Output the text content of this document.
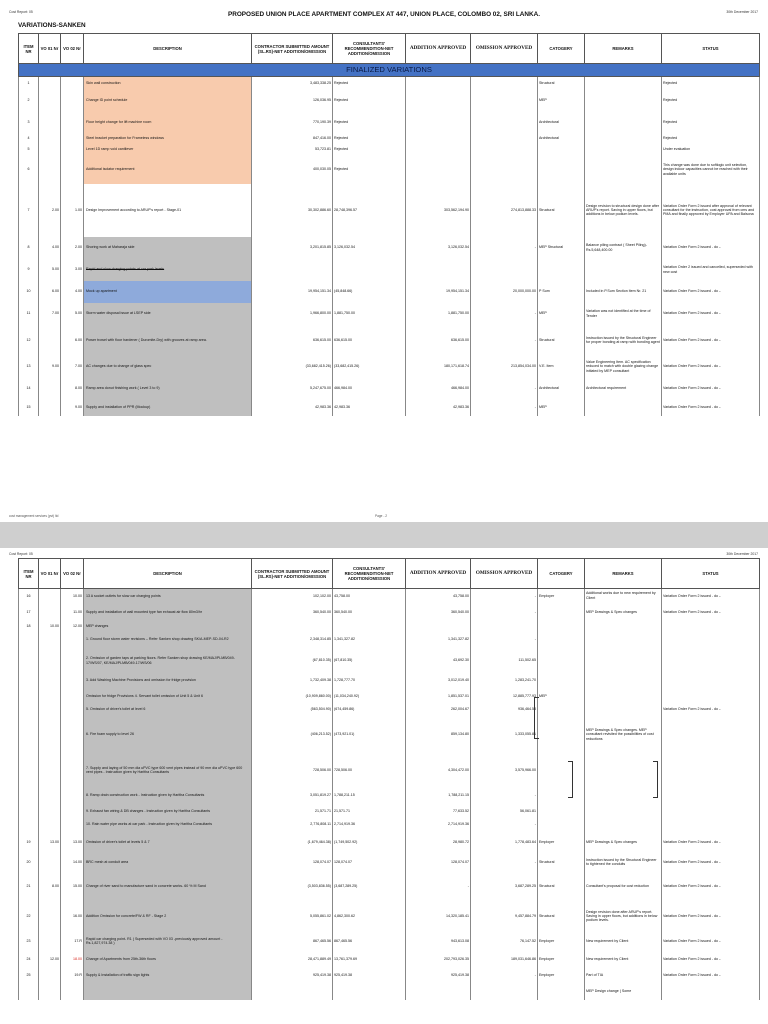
Cost Report: 05	30th December 2017
PROPOSED UNION PLACE APARTMENT COMPLEX AT 447, UNION PLACE, COLOMBO 02, SRI LANKA.
VARIATIONS-SANKEN
ITEM NR	VO 01 Nr	VO 02 Nr	DESCRIPTION	CONTRACTOR SUBMITTED AMOUNT (SL.RS)-NET ADDITION/OMISSION	CONSULTANTS' RECOMMENDITION-NET ADDITION/OMISSION	ADDITION APPROVED	OMISSION APPROVED	CATOGERY	REMARKS	STATUS
FINALIZED VARIATIONS										
1			Skin wall construction	3,483,338.25	Rejected			Structural		Rejected
2			Change ID point schedule	126,036.95	Rejected			MEP		Rejected
3			Floor height change for lift machine room	770,190.39	Rejected			Architectural		Rejected
4			Steel bracket preparation for Frameless windows	847,416.00	Rejected			Architectural		Rejected
5			Level 1D ramp void cantilever	53,723.81	Rejected					Under evaluation
6			Additional isolator requirement	400,030.05	Rejected					This change was done due to softlogic unit selection, design indoor capacities cannot be reached with their available units
7	2.00	1.00	Design Improvement according to ARUP's report - Stage-01	30,302,886.60	28,748,396.57	303,562,194.90	274,813,888.33	Structural	Design revision to structural design done after ARUP's report. Saving in upper floors, but additions in below podium levels.	Variation Order Form 2 issued after approval of relevant consultant for the instruction, cost approval from cms and PMA and finally approved by Employer UPA and Balsona
8	4.00	2.00	Shoring work at Maharaja side	3,201,815.85	3,126,032.54	3,126,032.54	-	MEP Structural	Balance piling contract ( Sheet Piling)-Rs.5,648,400.00	Variation Order Form 2 issued - do -.
9	5.00	3.00	Rapid and slow charging points at car park levels							Variation Order 2 issued and cancelled, superseded with new cost
10	6.00	4.00	Mock up apartment	19,954,151.34	(45,848.66)	19,954,151.34	20,000,000.00	P Sum	Included in P.Sum Section Item Nr. 21	Variation Order Form 2 issued - do -.
11	7.00	5.00	Storm water disposal issue at LSEP side	1,966,800.00	1,881,750.00	1,881,750.00	-	MEP	Variation was not identified at the time of Tender	Variation Order Form 2 issued - do -.
12		6.00	Power trowel with floor hardener ( Duromite-Dry) with grooves at ramp area.	636,615.00	636,615.00	636,615.00	-	Structural	Instruction issued by the Structural Engineer for proper bonding at ramp with bonding agent	Variation Order Form 2 issued - do -.
13	9.00	7.00	AC changes due to change of glass spec	(33,682,415.26)	(33,682,415.26)	180,171,618.74	213,854,034.00	V.E. Item	Value Engineering Item. AC specification reduced to match with double glazing change initiated by MEP consultant	Variation Order Form 2 issued - do -.
14		8.00	Ramp area donut finishing work ( Level 3 to 9)	5,247,675.00	466,984.00	466,984.00	-	Architectural	Architectural requirement	Variation Order Form 2 issued - do -.
15		9.00	Supply and installation of PPR (Mockup)	42,983.36	42,983.36	42,983.36	-	MEP		Variation Order Form 2 issued - do -.
cost management services (pvt) ltd	Page - 2
Cost Report: 05	30th December 2017
ITEM NR	VO 01 Nr	VO 02 Nr	DESCRIPTION	CONTRACTOR SUBMITTED AMOUNT (SL.RS)-NET ADDITION/OMISSION	CONSULTANTS' RECOMMENDITION-NET ADDITION/OMISSION	ADDITION APPROVED	OMISSION APPROVED	CATOGERY	REMARKS	STATUS
16		10.00	13 A socket outlets for slow car charging points	102,102.00	43,758.00	43,758.00	-	Employer	Additional works due to new requirement by Client	Variation Order Form 2 issued - do -.
17		11.00	Supply and installation of wall mounted type fan exhaust air flow 80m3/hr	360,540.00	360,540.00	360,540.00	-		MEP Drawings & Spec changes	Variation Order Form 2 issued - do -.
18	10.00	12.00	MEP changes							

			1. Ground floor storm water revisions – Refer Sanken shop drawing SK/A-MEP-SD-04-R2	2,348,314.85	1,341,327.82	1,341,327.82	-			

			2. Omission of garden taps at parking floors. Refer Sanken shop drawing KE/MAJ/PLMB/049-17/WS/07, KE/MAJ/PLMB/049-17/WS/06	(67,810.35)	(67,810.35)	43,692.30	111,502.65			

			3. Add Washing Machine Provisions and omission for fridge provision	1,732,409.38	1,728,777.70	3,012,019.40	1,283,241.70			

			Omission for fridge Provisions 4. Servant toilet omission of Unit 5 & Unit 6	(10,909,860.00)	(11,034,240.92)	1,851,537.01	12,885,777.93	MEP		

			5. Omission of driver's toilet at level 6	(563,504.90)	(674,459.86)	262,004.67	936,464.53			Variation Order Form 2 issued - do -.

			6. Fire foam supply to level 26	(406,213.52)	(473,921.01)	859,134.80	1,333,055.81		MEP Drawings & Spec changes. MEP consultant revisited the possibilities of cost reductions	

			7. Supply and laying of 50 mm dia uPVC type 600 vent pipes instead of 90 mm dia uPVC type 600 vent pipes - Instruction given by Haritha Consultants	728,506.00	728,506.00	4,304,472.00	3,575,966.00			

			8. Ramp drain construction work - Instruction given by Haritha Consultants	3,051,819.27	1,788,211.15	1,788,211.15	-			

			9. Exhaust fan wiring & DB changes - Instruction given by Haritha Consultants	21,571.71	21,571.71	77,633.52	56,061.81			

			10. Rain water pipe works at car park - Instruction given by Haritha Consultants	2,776,808.11	2,714,919.36	2,714,919.36	-			
19	13.00	13.00	Omission of driver's toilet at levels 5 & 7	(1,679,464.38)	(1,749,502.92)	28,980.72	1,778,483.64	Employer	MEP Drawings & Spec changes	Variation Order Form 2 issued - do -.
20		14.00	BRC mesh at conduit area	128,074.07	128,074.07	128,074.07	-	Structural	Instruction issued by the Structural Engineer to tightened the conduits	Variation Order Form 2 issued - do -.
21	8.00	15.00	Change of river sand to manufacture sand in concrete works- 60 % M Sand	(3,503,836.55)	(3,687,289.25)	-	3,687,289.25	Structural	Consultant's proposal for cost reduction	Variation Order Form 2 issued - do -.
22		16.00	Addition Omission for concrete/FW & RF - Stage 2	5,055,861.02	4,862,300.62	14,320,185.41	9,457,884.79	Structural	Design revision done after ARUP's report. Saving in upper floors, but additions in below podium levels.	Variation Order Form 2 issued - do -.
23		17.R	Rapid car charging point- R1 ( Superseded with VO 03 -previously approved amount - Rs.1,827,974.38 )	867,465.56	867,465.56	943,613.08	76,147.52	Employer	New requirement by Client	Variation Order Form 2 issued - do -.
24	12.00	18.00	Change of Apartments from 25th-36th floors	28,471,889.49	13,761,379.69	202,793,026.35	189,031,646.86	Employer	New requirement by Client	Variation Order Form 2 issued - do -.
25		19.R	Supply & Installation of traffic sign lights	925,419.38	925,419.38	925,419.38	-	Employer	Part of TIA	Variation Order Form 2 issued - do -.

						MEP Design change ( Some	
